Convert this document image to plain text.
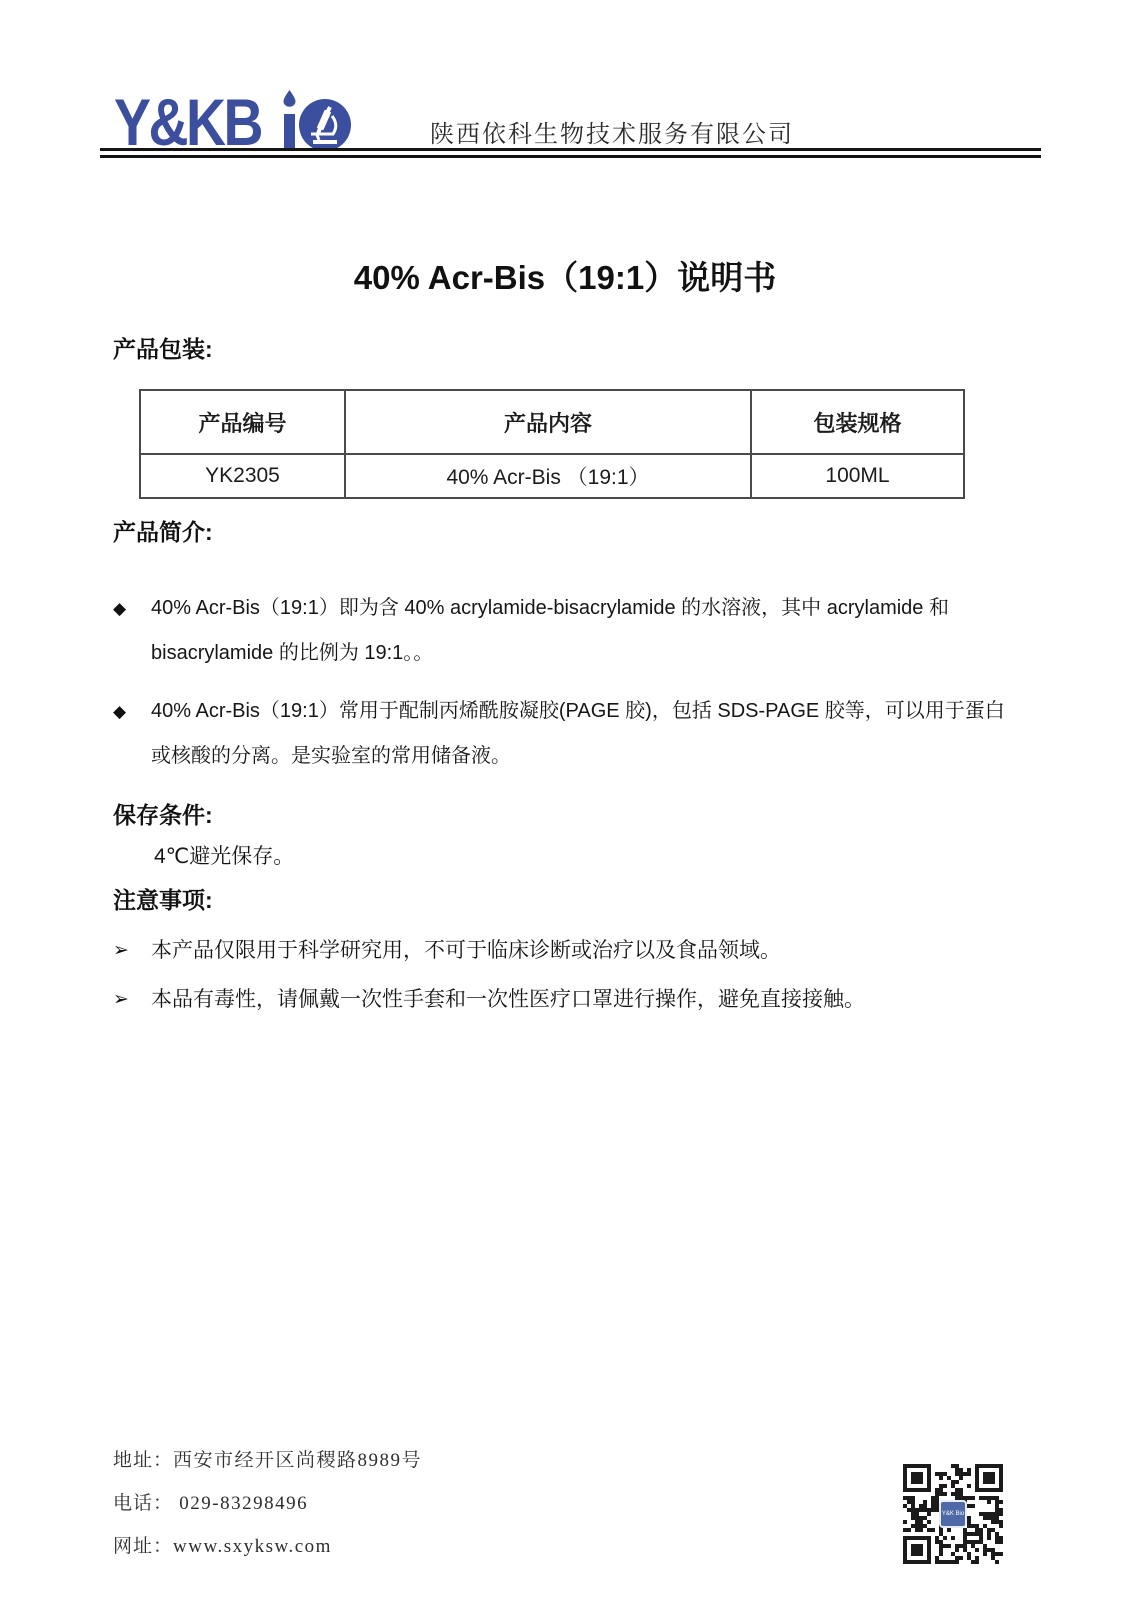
Y&KB	陕西依科生物技术服务有限公司
40% Acr-Bis（19:1）说明书
产品包装:
产品编号	产品内容	包装规格
YK2305	40% Acr-Bis （19:1）	100ML
产品简介:
◆	40% Acr-Bis（19:1）即为含 40% acrylamide-bisacrylamide 的水溶液，其中 acrylamide 和 bisacrylamide 的比例为 19:1。。
◆	40% Acr-Bis（19:1）常用于配制丙烯酰胺凝胶(PAGE 胶)，包括 SDS-PAGE 胶等，可以用于蛋白或核酸的分离。是实验室的常用储备液。
保存条件:
4℃避光保存。
注意事项:
➢	本产品仅限用于科学研究用，不可于临床诊断或治疗以及食品领域。
➢	本品有毒性，请佩戴一次性手套和一次性医疗口罩进行操作，避免直接接触。
地址：西安市经开区尚稷路8989号
电话： 029-83298496
网址：www.sxyksw.com
Y&K Bio
